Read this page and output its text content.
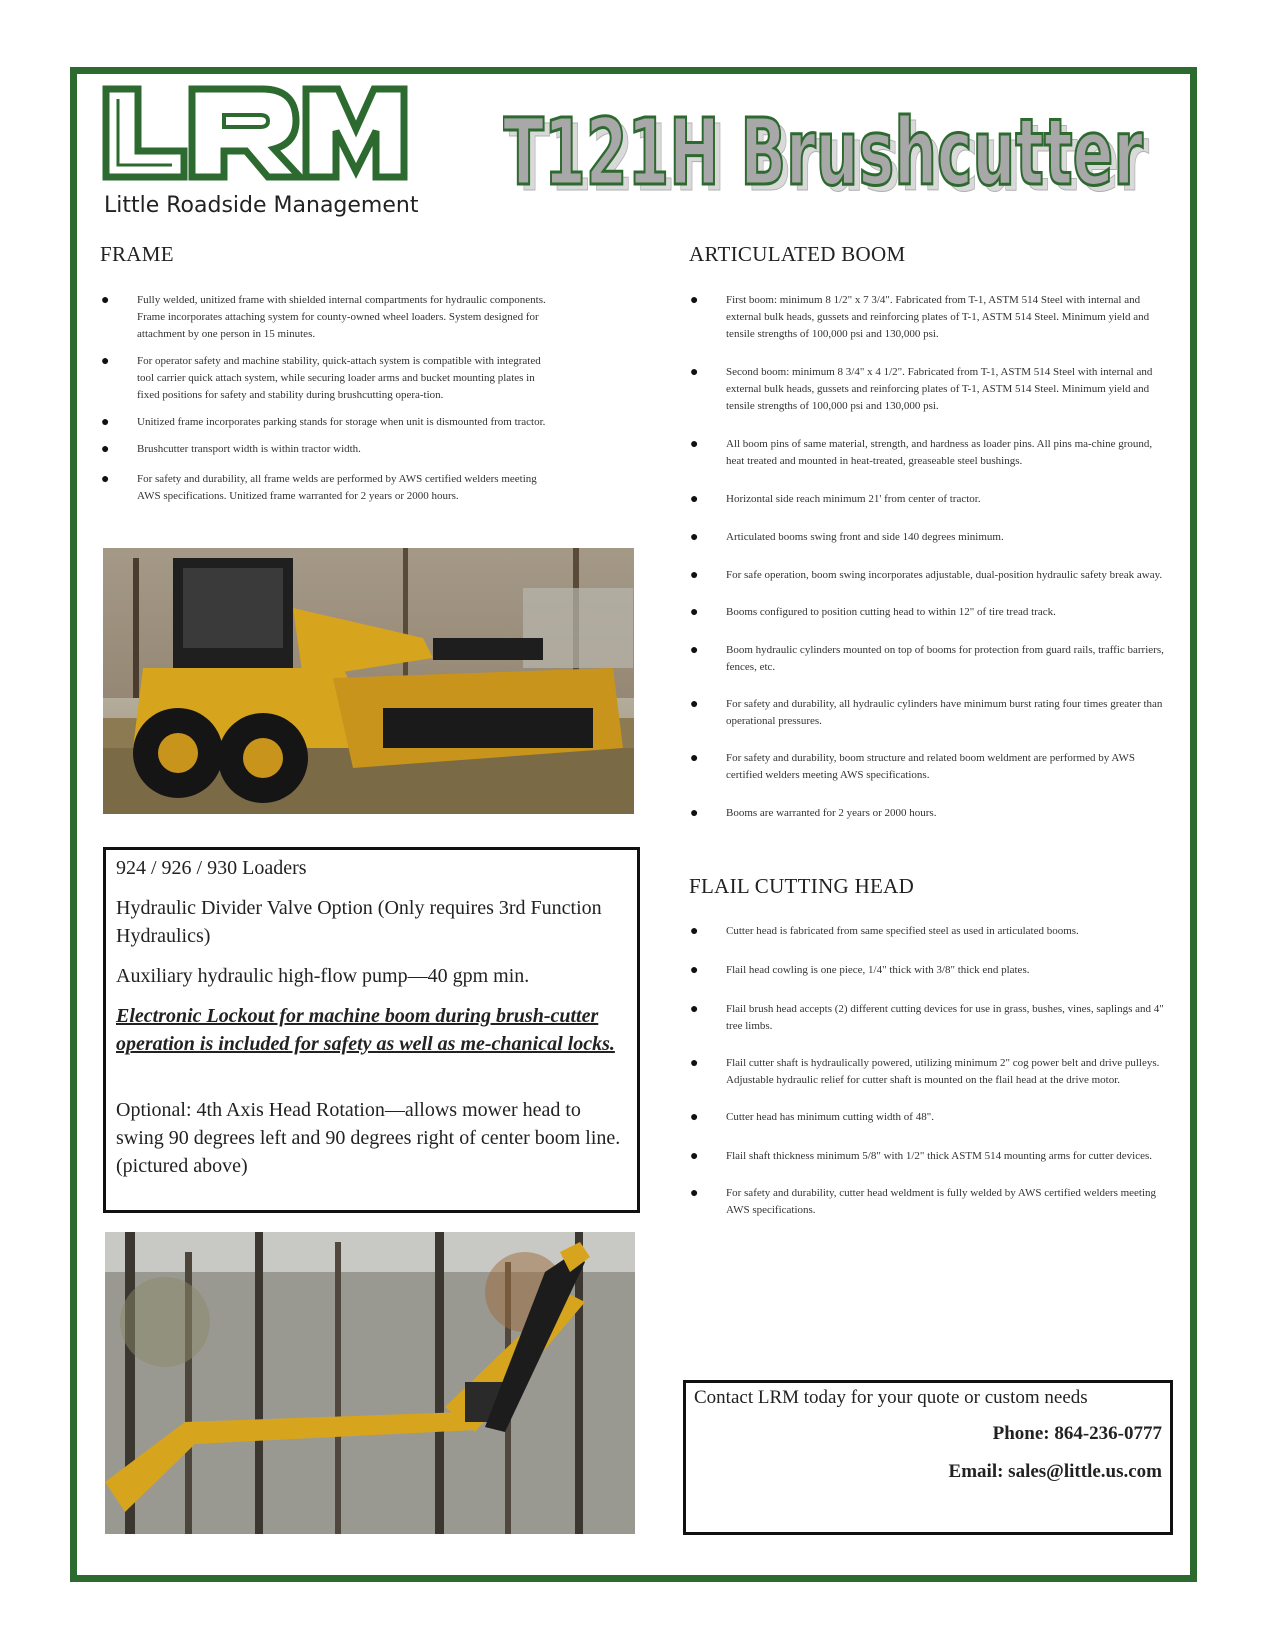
Little Roadside Management T121H Brushcutter
T121H Brushcutter
FRAME
●	Fully welded, unitized frame with shielded internal compartments for hydraulic components. Frame incorporates attaching system for county-owned wheel loaders. System designed for attachment by one person in 15 minutes.
●	For operator safety and machine stability, quick-attach system is compatible with integrated tool carrier quick attach system, while securing loader arms and bucket mounting plates in fixed positions for safety and stability during brushcutting opera-tion.
●	Unitized frame incorporates parking stands for storage when unit is dismounted from tractor.
●	Brushcutter transport width is within tractor width.
●	For safety and durability, all frame welds are performed by AWS certified welders meeting AWS specifications. Unitized frame warranted for 2 years or 2000 hours.
924 / 926 / 930 Loaders
Hydraulic Divider Valve Option (Only requires 3rd Function Hydraulics)
Auxiliary hydraulic high-flow pump—40 gpm min.
Electronic Lockout for machine boom during brush-cutter operation is included for safety as well as me-chanical locks.
Optional: 4th Axis Head Rotation—allows mower head to swing 90 degrees left and 90 degrees right of center boom line. (pictured above)
ARTICULATED BOOM
●	First boom: minimum 8 1/2" x 7 3/4". Fabricated from T-1, ASTM 514 Steel with internal and external bulk heads, gussets and reinforcing plates of T-1, ASTM 514 Steel. Minimum yield and tensile strengths of 100,000 psi and 130,000 psi.
●	Second boom: minimum 8 3/4" x 4 1/2". Fabricated from T-1, ASTM 514 Steel with internal and external bulk heads, gussets and reinforcing plates of T-1, ASTM 514 Steel. Minimum yield and tensile strengths of 100,000 psi and 130,000 psi.
●	All boom pins of same material, strength, and hardness as loader pins. All pins ma-chine ground, heat treated and mounted in heat-treated, greaseable steel bushings.
●	Horizontal side reach minimum 21' from center of tractor.
●	Articulated booms swing front and side 140 degrees minimum.
●	For safe operation, boom swing incorporates adjustable, dual-position hydraulic safety break away.
●	Booms configured to position cutting head to within 12" of tire tread track.
●	Boom hydraulic cylinders mounted on top of booms for protection from guard rails, traffic barriers, fences, etc.
●	For safety and durability, all hydraulic cylinders have minimum burst rating four times greater than operational pressures.
●	For safety and durability, boom structure and related boom weldment are performed by AWS certified welders meeting AWS specifications.
●	Booms are warranted for 2 years or 2000 hours.
FLAIL CUTTING HEAD
●	Cutter head is fabricated from same specified steel as used in articulated booms.
●	Flail head cowling is one piece, 1/4" thick with 3/8" thick end plates.
●	Flail brush head accepts (2) different cutting devices for use in grass, bushes, vines, saplings and 4" tree limbs.
●	Flail cutter shaft is hydraulically powered, utilizing minimum 2" cog power belt and drive pulleys. Adjustable hydraulic relief for cutter shaft is mounted on the flail head at the drive motor.
●	Cutter head has minimum cutting width of 48".
●	Flail shaft thickness minimum 5/8" with 1/2" thick ASTM 514 mounting arms for cutter devices.
●	For safety and durability, cutter head weldment is fully welded by AWS certified welders meeting AWS specifications.
Contact LRM today for your quote or custom needs
Phone: 864-236-0777
Email: sales@little.us.com
